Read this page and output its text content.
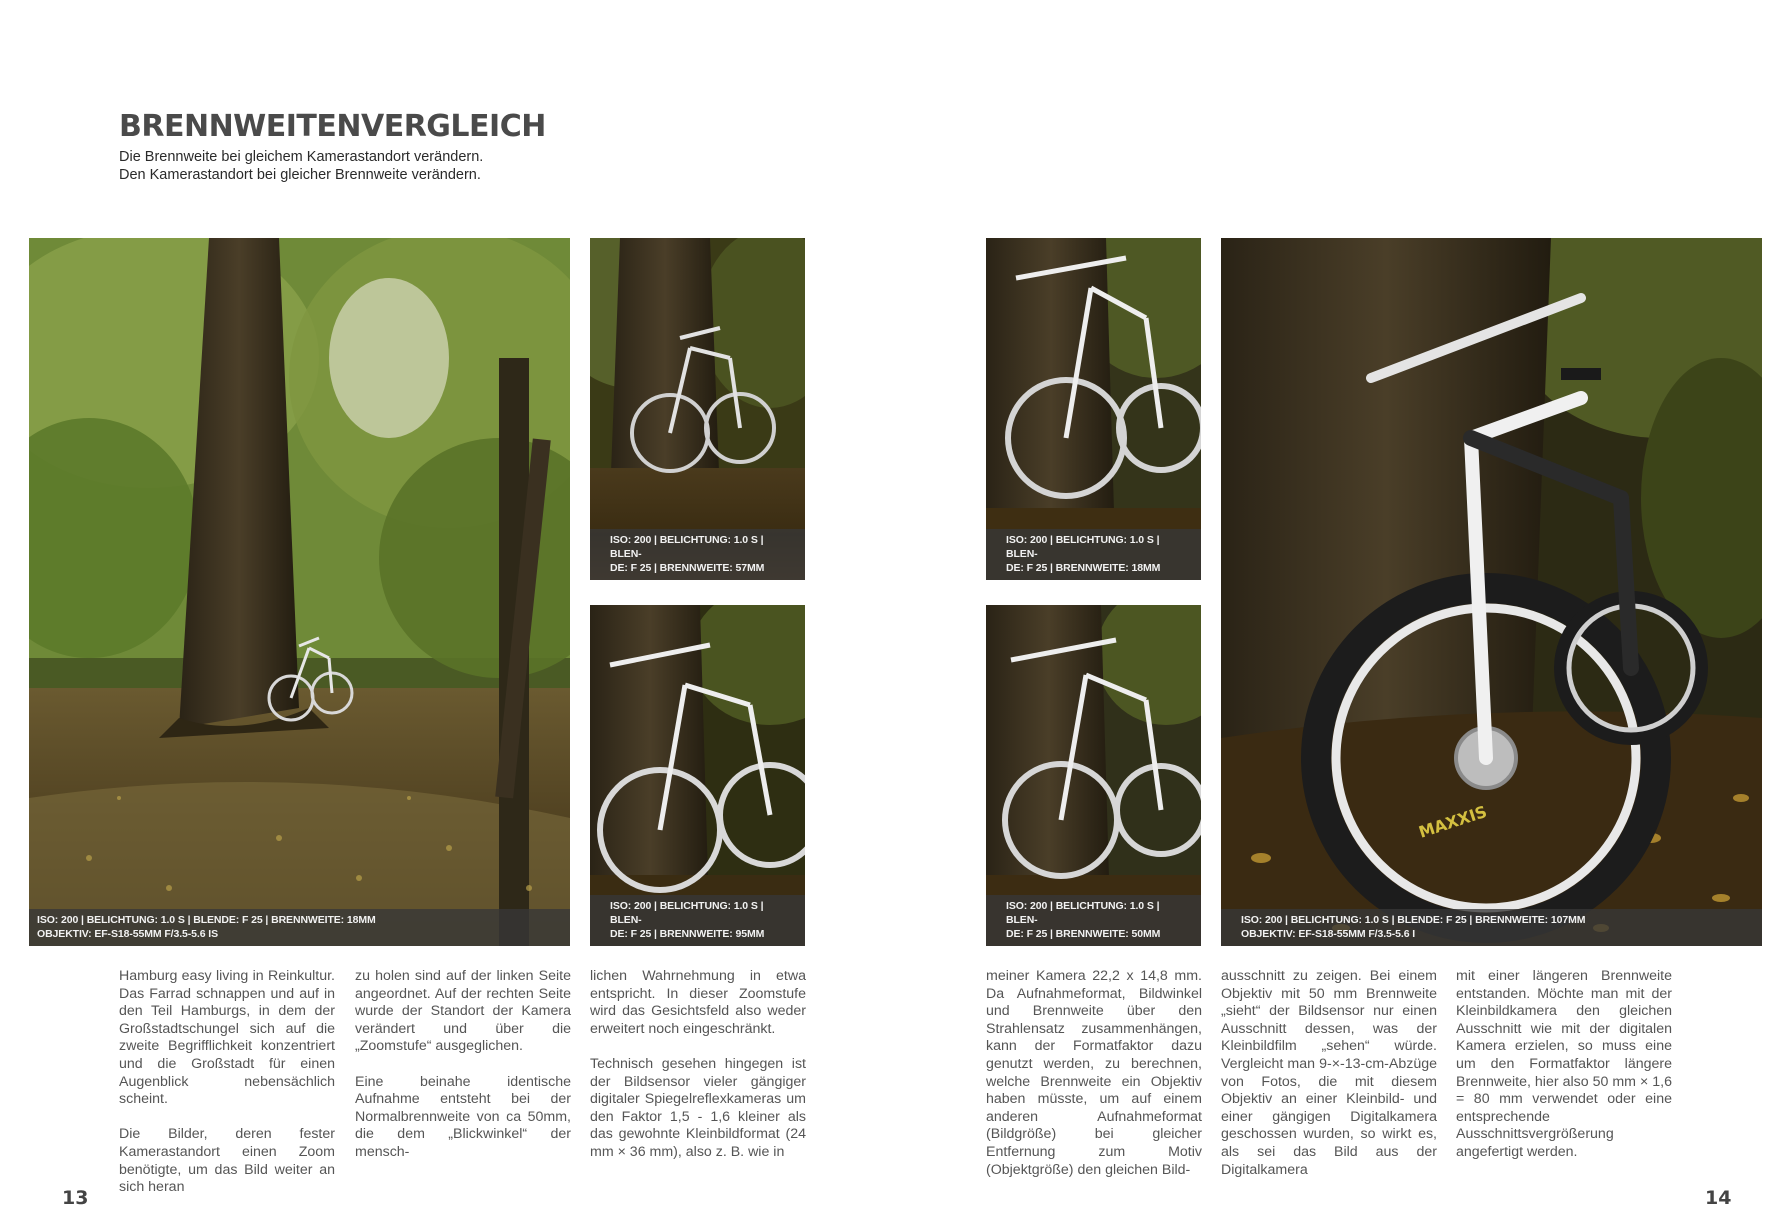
BRENNWEITENVERGLEICH
Die Brennweite bei gleichem Kamerastandort verändern.
Den Kamerastandort bei gleicher Brennweite verändern.
ISO: 200 | BELICHTUNG: 1.0 S | BLENDE: F 25 | BRENNWEITE: 18MM
OBJEKTIV: EF-S18-55MM F/3.5-5.6 IS
ISO: 200 | BELICHTUNG: 1.0 S | BLEN-
DE: F 25 | BRENNWEITE: 57MM
ISO: 200 | BELICHTUNG: 1.0 S | BLEN-
DE: F 25 | BRENNWEITE: 95MM
ISO: 200 | BELICHTUNG: 1.0 S | BLEN-
DE: F 25 | BRENNWEITE: 18MM
ISO: 200 | BELICHTUNG: 1.0 S | BLEN-
DE: F 25 | BRENNWEITE: 50MM
MAXXIS
ISO: 200 | BELICHTUNG: 1.0 S | BLENDE: F 25 | BRENNWEITE: 107MM
OBJEKTIV: EF-S18-55MM F/3.5-5.6 I

Hamburg easy living in Reinkultur. Das Farrad schnappen und auf in den Teil Hamburgs, in dem der Großstadtschungel sich auf die zweite Begrifflichkeit konzentriert und die Großstadt für einen Augenblick nebensächlich scheint.

Die Bilder, deren fester Kamerastandort einen Zoom benötigte, um das Bild weiter an sich heran

zu holen sind auf der linken Seite angeordnet. Auf der rechten Seite wurde der Standort der Kamera verändert und über die „Zoomstufe“ ausgeglichen.

Eine beinahe identische Aufnahme entsteht bei der Normalbrennweite von ca 50mm, die dem „Blickwinkel“ der mensch-

lichen Wahrnehmung in etwa entspricht. In dieser Zoomstufe wird das Gesichtsfeld also weder erweitert noch eingeschränkt.

Technisch gesehen hingegen ist der Bildsensor vieler gängiger digitaler Spiegelreflexkameras um den Faktor 1,5 - 1,6 kleiner als das gewohnte Kleinbildformat (24 mm × 36 mm), also z. B. wie in

meiner Kamera 22,2 x 14,8 mm. Da Aufnahmeformat, Bildwinkel und Brennweite über den Strahlensatz zusammenhängen, kann der Formatfaktor dazu genutzt werden, zu berechnen, welche Brennweite ein Objektiv haben müsste, um auf einem anderen Aufnahmeformat (Bildgröße) bei gleicher Entfernung zum Motiv (Objektgröße) den gleichen Bild-

ausschnitt zu zeigen. Bei einem Objektiv mit 50 mm Brennweite „sieht“ der Bildsensor nur einen Ausschnitt dessen, was der Kleinbildfilm „sehen“ würde. Vergleicht man 9-×-13-cm-Abzüge von Fotos, die mit diesem Objektiv an einer Kleinbild- und einer gängigen Digitalkamera geschossen wurden, so wirkt es, als sei das Bild aus der Digitalkamera

mit einer längeren Brennweite entstanden. Möchte man mit der Kleinbildkamera den gleichen Ausschnitt wie mit der digitalen Kamera erzielen, so muss eine um den Formatfaktor längere Brennweite, hier also 50 mm × 1,6 = 80 mm verwendet oder eine entsprechende Ausschnittsvergrößerung angefertigt werden.

13	14
